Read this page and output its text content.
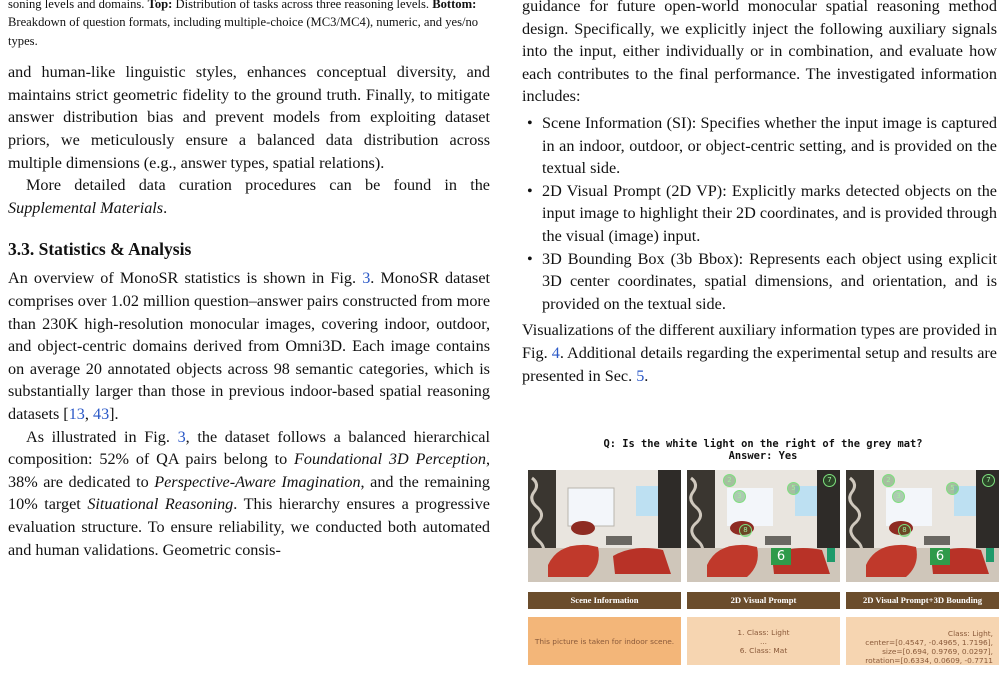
soning levels and domains. Top: Distribution of tasks across three reasoning levels. Bottom: Breakdown of question formats, including multiple-choice (MC3/MC4), numeric, and yes/no types.

and human-like linguistic styles, enhances conceptual diversity, and maintains strict geometric fidelity to the ground truth. Finally, to mitigate answer distribution bias and prevent models from exploiting dataset priors, we meticulously ensure a balanced data distribution across multiple dimensions (e.g., answer types, spatial relations).

More detailed data curation procedures can be found in the Supplemental Materials.

3.3. Statistics & Analysis

An overview of MonoSR statistics is shown in Fig. 3. MonoSR dataset comprises over 1.02 million question–answer pairs constructed from more than 230K high-resolution monocular images, covering indoor, outdoor, and object-centric domains derived from Omni3D. Each image contains on average 20 annotated objects across 98 semantic categories, which is substantially larger than those in previous indoor-based spatial reasoning datasets [13, 43].

As illustrated in Fig. 3, the dataset follows a balanced hierarchical composition: 52% of QA pairs belong to Foundational 3D Perception, 38% are dedicated to Perspective-Aware Imagination, and the remaining 10% target Situational Reasoning. This hierarchy ensures a progressive evaluation structure. To ensure reliability, we conducted both automated and human validations. Geometric consis-

guidance for future open-world monocular spatial reasoning method design. Specifically, we explicitly inject the following auxiliary signals into the input, either individually or in combination, and evaluate how each contributes to the final performance. The investigated information includes:

• Scene Information (SI): Specifies whether the input image is captured in an indoor, outdoor, or object-centric setting, and is provided on the textual side.
• 2D Visual Prompt (2D VP): Explicitly marks detected objects on the input image to highlight their 2D coordinates, and is provided through the visual (image) input.
• 3D Bounding Box (3b Bbox): Represents each object using explicit 3D center coordinates, spatial dimensions, and orientation, and is provided on the textual side.

Visualizations of the different auxiliary information types are provided in Fig. 4. Additional details regarding the experimental setup and results are presented in Sec. 5.

Q: Is the white light on the right of the grey mat?
Answer: Yes
2
3
5
7
8
6
2
3
5
7
8
6
Scene Information	2D Visual Prompt	2D Visual Prompt+3D Bounding
This picture is taken for indoor scene.
1. Class: Light
...
6. Class: Mat
Class: Light,
center=[0.4547, -0.4965, 1.7196],
size=[0.694, 0.9769, 0.0297],
rotation=[0.6334, 0.0609, -0.7711
